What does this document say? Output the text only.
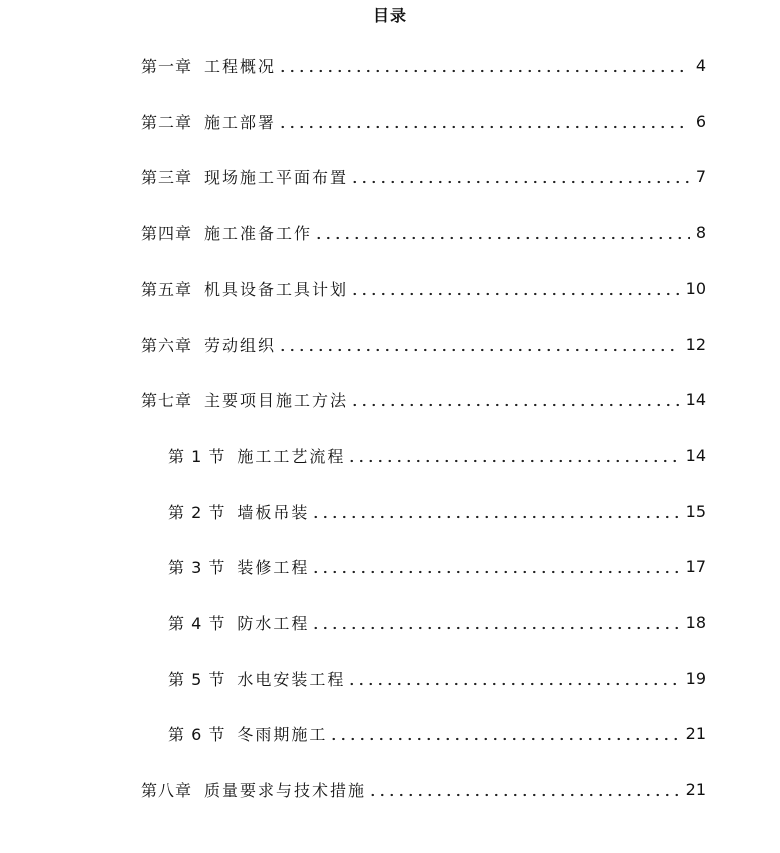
目录
第一章 工程概况	4
第二章 施工部署	6
第三章 现场施工平面布置	7
第四章 施工准备工作	8
第五章 机具设备工具计划	10
第六章 劳动组织	12
第七章 主要项目施工方法	14
第 1 节 施工工艺流程	14
第 2 节 墙板吊装	15
第 3 节 装修工程	17
第 4 节 防水工程	18
第 5 节 水电安装工程	19
第 6 节 冬雨期施工	21
第八章 质量要求与技术措施	21
